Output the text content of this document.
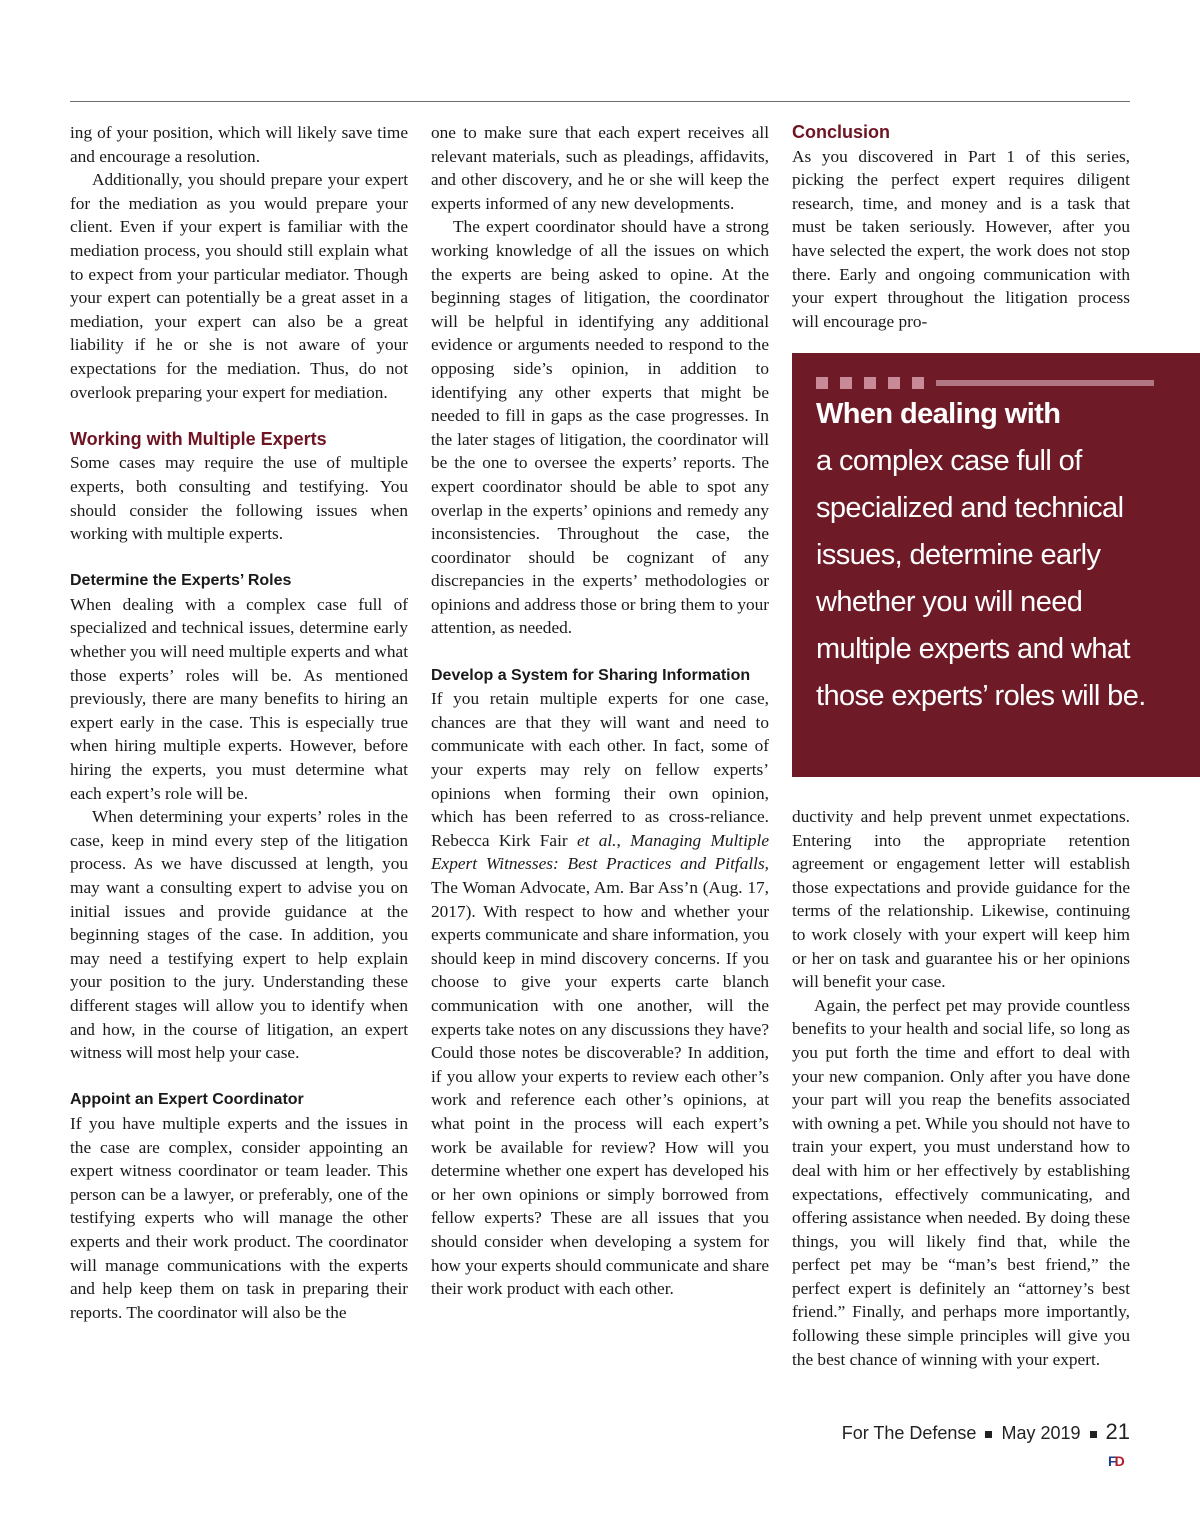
ing of your position, which will likely save time and encourage a resolution.

Additionally, you should prepare your expert for the mediation as you would prepare your client. Even if your expert is familiar with the mediation process, you should still explain what to expect from your particular mediator. Though your expert can potentially be a great asset in a mediation, your expert can also be a great liability if he or she is not aware of your expectations for the mediation. Thus, do not overlook preparing your expert for mediation.

Working with Multiple Experts

Some cases may require the use of multiple experts, both consulting and testifying. You should consider the following issues when working with multiple experts.

Determine the Experts’ Roles

When dealing with a complex case full of specialized and technical issues, determine early whether you will need multiple experts and what those experts’ roles will be. As mentioned previously, there are many benefits to hiring an expert early in the case. This is especially true when hiring multiple experts. However, before hiring the experts, you must determine what each expert’s role will be.

When determining your experts’ roles in the case, keep in mind every step of the litigation process. As we have discussed at length, you may want a consulting expert to advise you on initial issues and provide guidance at the beginning stages of the case. In addition, you may need a testifying expert to help explain your position to the jury. Understanding these different stages will allow you to identify when and how, in the course of litigation, an expert witness will most help your case.

Appoint an Expert Coordinator

If you have multiple experts and the issues in the case are complex, consider appointing an expert witness coordinator or team leader. This person can be a lawyer, or preferably, one of the testifying experts who will manage the other experts and their work product. The coordinator will manage communications with the experts and help keep them on task in preparing their reports. The coordinator will also be the

one to make sure that each expert receives all relevant materials, such as pleadings, affidavits, and other discovery, and he or she will keep the experts informed of any new developments.

The expert coordinator should have a strong working knowledge of all the issues on which the experts are being asked to opine. At the beginning stages of litigation, the coordinator will be helpful in identifying any additional evidence or arguments needed to respond to the opposing side’s opinion, in addition to identifying any other experts that might be needed to fill in gaps as the case progresses. In the later stages of litigation, the coordinator will be the one to oversee the experts’ reports. The expert coordinator should be able to spot any overlap in the experts’ opinions and remedy any inconsistencies. Throughout the case, the coordinator should be cognizant of any discrepancies in the experts’ methodologies or opinions and address those or bring them to your attention, as needed.

Develop a System for Sharing Information

If you retain multiple experts for one case, chances are that they will want and need to communicate with each other. In fact, some of your experts may rely on fellow experts’ opinions when forming their own opinion, which has been referred to as cross-reliance. Rebecca Kirk Fair et al., Managing Multiple Expert Witnesses: Best Practices and Pitfalls, The Woman Advocate, Am. Bar Ass’n (Aug. 17, 2017). With respect to how and whether your experts communicate and share information, you should keep in mind discovery concerns. If you choose to give your experts carte blanch communication with one another, will the experts take notes on any discussions they have? Could those notes be discoverable? In addition, if you allow your experts to review each other’s work and reference each other’s opinions, at what point in the process will each expert’s work be available for review? How will you determine whether one expert has developed his or her own opinions or simply borrowed from fellow experts? These are all issues that you should consider when developing a system for how your experts should communicate and share their work product with each other.

Conclusion

As you discovered in Part 1 of this series, picking the perfect expert requires diligent research, time, and money and is a task that must be taken seriously. However, after you have selected the expert, the work does not stop there. Early and ongoing communication with your expert throughout the litigation process will encourage pro-

When dealing with
a complex case full of specialized and technical issues, determine early whether you will need multiple experts and what those experts’ roles will be.

ductivity and help prevent unmet expectations. Entering into the appropriate retention agreement or engagement letter will establish those expectations and provide guidance for the terms of the relationship. Likewise, continuing to work closely with your expert will keep him or her on task and guarantee his or her opinions will benefit your case.

Again, the perfect pet may provide countless benefits to your health and social life, so long as you put forth the time and effort to deal with your new companion. Only after you have done your part will you reap the benefits associated with owning a pet. While you should not have to train your expert, you must understand how to deal with him or her effectively by establishing expectations, effectively communicating, and offering assistance when needed. By doing these things, you will likely find that, while the perfect pet may be “man’s best friend,” the perfect expert is definitely an “attorney’s best friend.” Finally, and perhaps more importantly, following these simple principles will give you the best chance of winning with your expert.

FD
For The Defense May 2019 21
